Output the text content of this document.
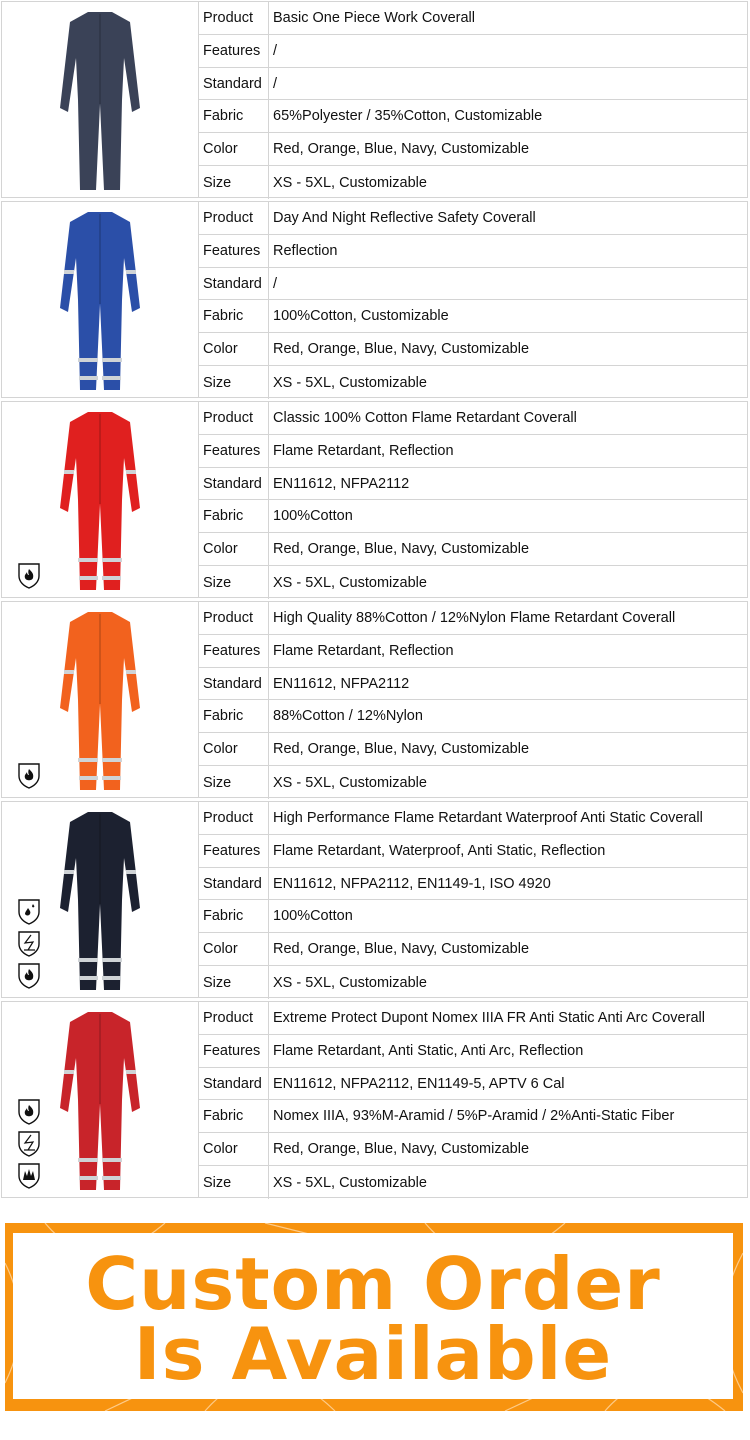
Product	Basic One Piece Work Coverall
Features /
Standard /
Fabric	65%Polyester / 35%Cotton, Customizable
Color	Red, Orange, Blue, Navy, Customizable
Size	XS - 5XL, Customizable
Product	Day And Night Reflective Safety Coverall
Features Reflection
Standard /
Fabric	100%Cotton, Customizable
Color	Red, Orange, Blue, Navy, Customizable
Size	XS - 5XL, Customizable
Product	Classic 100% Cotton Flame Retardant Coverall
Features Flame Retardant, Reflection
Standard EN11612, NFPA2112
Fabric	100%Cotton
Color	Red, Orange, Blue, Navy, Customizable
Size	XS - 5XL, Customizable
Product	High Quality 88%Cotton / 12%Nylon Flame Retardant Coverall
Features Flame Retardant, Reflection
Standard EN11612, NFPA2112
Fabric	88%Cotton / 12%Nylon
Color	Red, Orange, Blue, Navy, Customizable
Size	XS - 5XL, Customizable
Product	High Performance Flame Retardant Waterproof Anti Static Coverall
Features Flame Retardant, Waterproof, Anti Static, Reflection
Standard EN11612, NFPA2112, EN1149-1, ISO 4920
Fabric	100%Cotton
Color	Red, Orange, Blue, Navy, Customizable
Size	XS - 5XL, Customizable
Product	Extreme Protect Dupont Nomex IIIA FR Anti Static Anti Arc Coverall
Features Flame Retardant, Anti Static, Anti Arc, Reflection
Standard EN11612, NFPA2112, EN1149-5, APTV 6 Cal
Fabric	Nomex IIIA, 93%M-Aramid / 5%P-Aramid / 2%Anti-Static Fiber
Color	Red, Orange, Blue, Navy, Customizable
Size	XS - 5XL, Customizable
Custom Order
Is Available
